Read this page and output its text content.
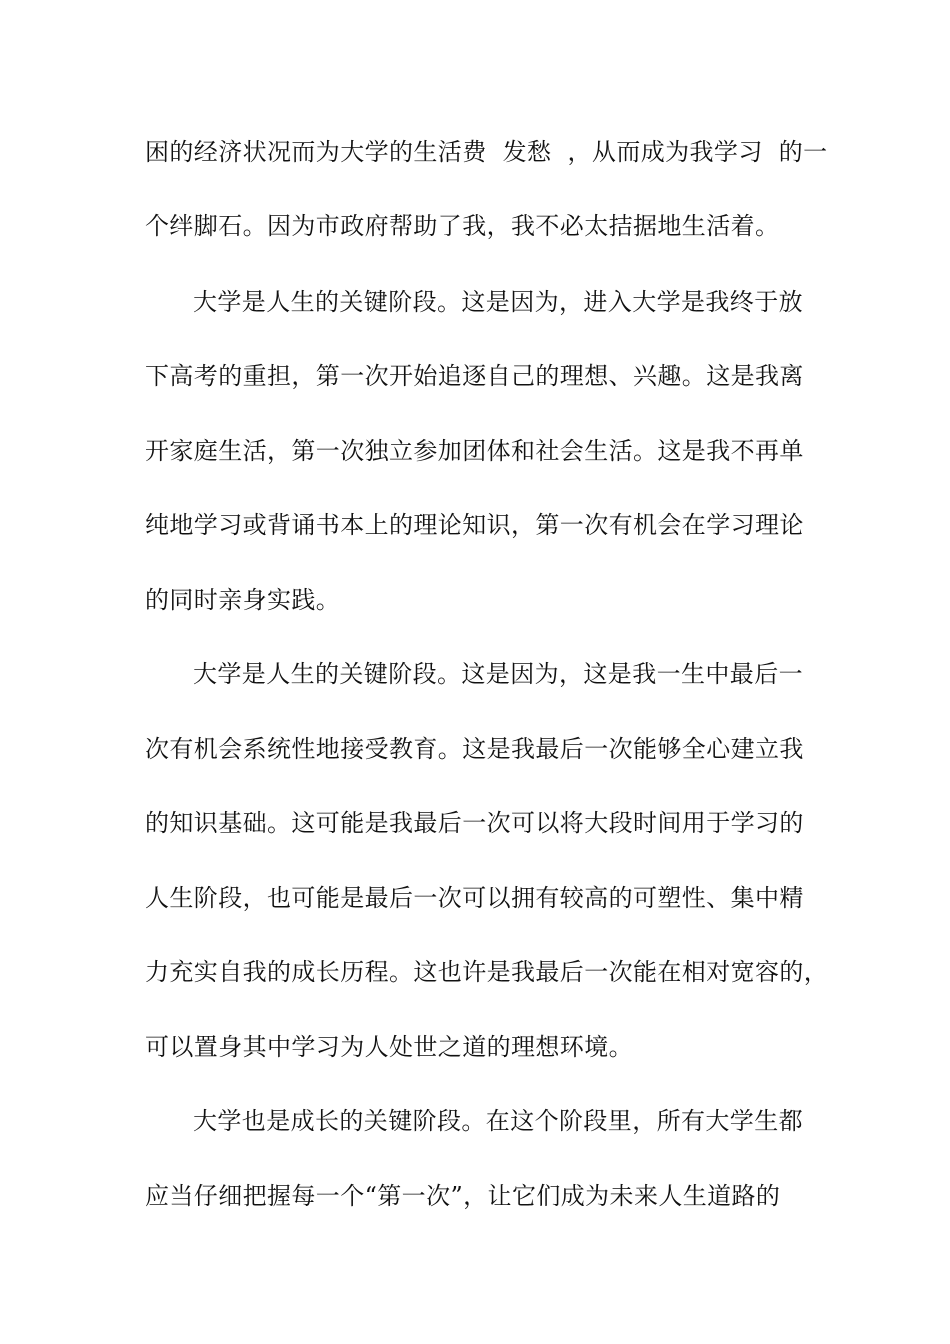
困的经济状况而为大学的生活费  发愁  ，从而成为我学习  的一
个绊脚石。因为市政府帮助了我，我不必太拮据地生活着。
大学是人生的关键阶段。这是因为，进入大学是我终于放
下高考的重担，第一次开始追逐自己的理想、兴趣。这是我离
开家庭生活，第一次独立参加团体和社会生活。这是我不再单
纯地学习或背诵书本上的理论知识，第一次有机会在学习理论
的同时亲身实践。
大学是人生的关键阶段。这是因为，这是我一生中最后一
次有机会系统性地接受教育。这是我最后一次能够全心建立我
的知识基础。这可能是我最后一次可以将大段时间用于学习的
人生阶段，也可能是最后一次可以拥有较高的可塑性、集中精
力充实自我的成长历程。这也许是我最后一次能在相对宽容的，
可以置身其中学习为人处世之道的理想环境。
大学也是成长的关键阶段。在这个阶段里，所有大学生都
应当仔细把握每一个“第一次”，让它们成为未来人生道路的
